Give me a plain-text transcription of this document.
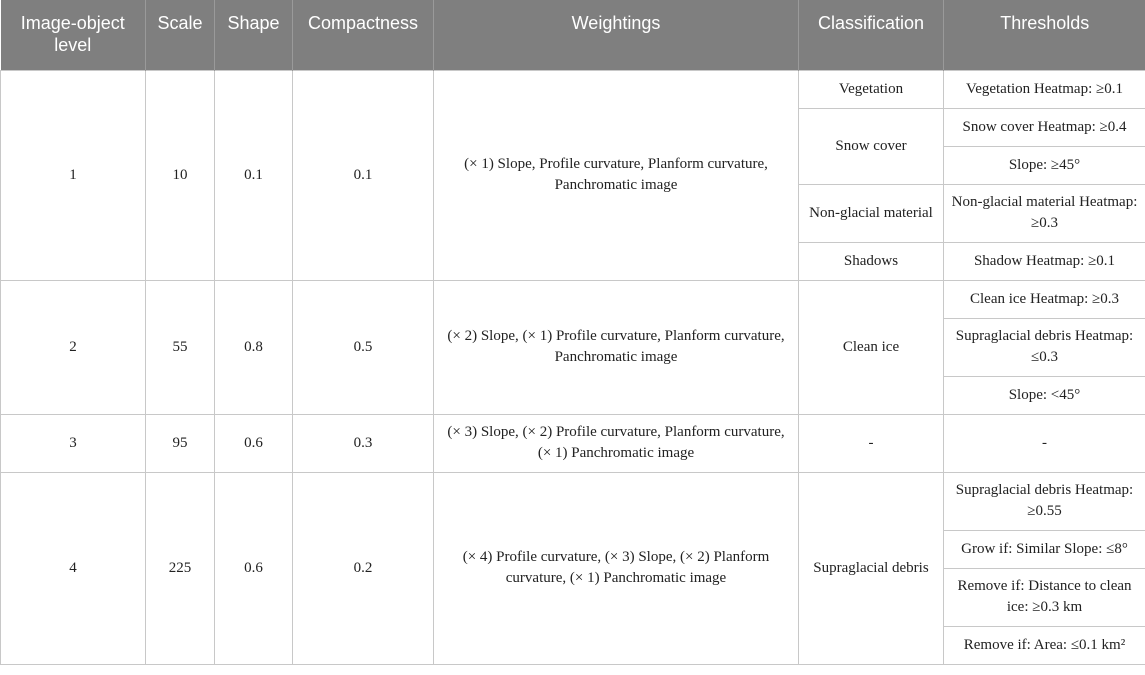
Image-object level	Scale	Shape	Compactness	Weightings	Classification	Thresholds
1	10	0.1	0.1	(× 1) Slope, Profile curvature, Planform curvature, Panchromatic image	Vegetation	Vegetation Heatmap: ≥0.1
					Snow cover	Snow cover Heatmap: ≥0.4
						Slope: ≥45°
					Non-glacial material	Non-glacial material Heatmap: ≥0.3
					Shadows	Shadow Heatmap: ≥0.1
2	55	0.8	0.5	(× 2) Slope, (× 1) Profile curvature, Planform curvature, Panchromatic image	Clean ice	Clean ice Heatmap: ≥0.3
						Supraglacial debris Heatmap: ≤0.3
						Slope: <45°
3	95	0.6	0.3	(× 3) Slope, (× 2) Profile curvature, Planform curvature, (× 1) Panchromatic image	-	-
4	225	0.6	0.2	(× 4) Profile curvature, (× 3) Slope, (× 2) Planform curvature, (× 1) Panchromatic image	Supraglacial debris	Supraglacial debris Heatmap: ≥0.55
						Grow if: Similar Slope: ≤8°
						Remove if: Distance to clean ice: ≥0.3 km
						Remove if: Area: ≤0.1 km²
